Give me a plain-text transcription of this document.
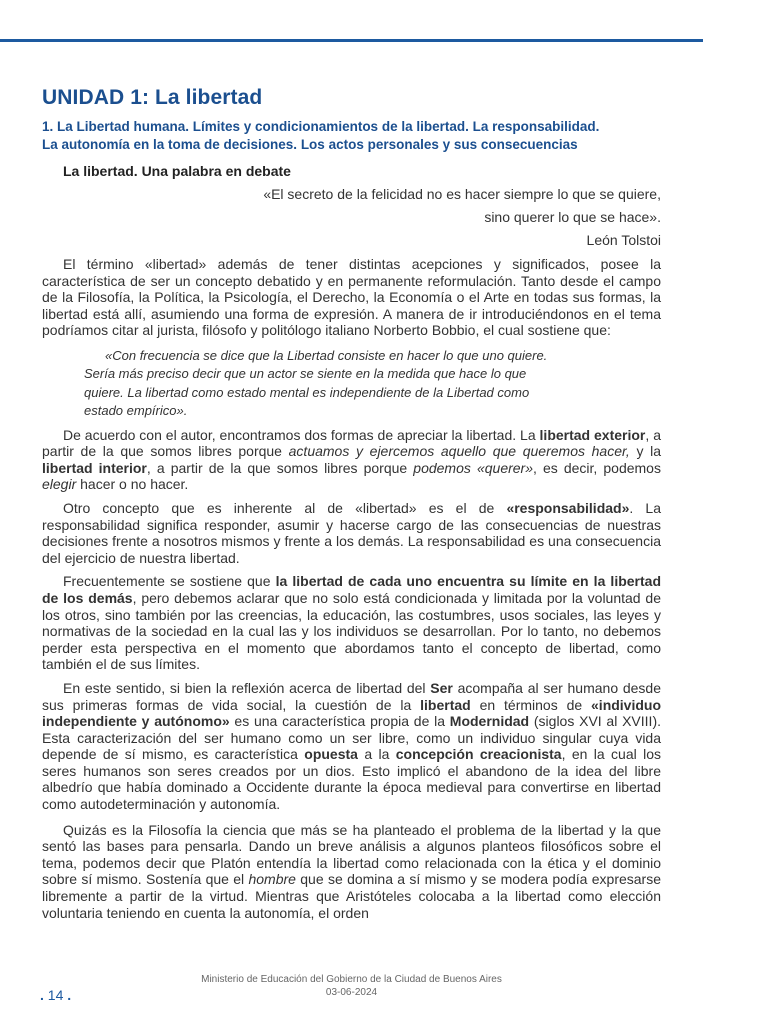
UNIDAD 1: La libertad
1. La Libertad humana. Límites y condicionamientos de la libertad. La responsabilidad.
La autonomía en la toma de decisiones. Los actos personales y sus consecuencias
La libertad. Una palabra en debate
«El secreto de la felicidad no es hacer siempre lo que se quiere,
sino querer lo que se hace».
León Tolstoi

El término «libertad» además de tener distintas acepciones y significados, posee la característica de ser un concepto debatido y en permanente reformulación. Tanto desde el campo de la Filosofía, la Política, la Psicología, el Derecho, la Economía o el Arte en todas sus formas, la libertad está allí, asumiendo una forma de expresión. A manera de ir introduciéndonos en el tema podríamos citar al jurista, filósofo y politólogo italiano Norberto Bobbio, el cual sostiene que:

«Con frecuencia se dice que la Libertad consiste en hacer lo que uno quiere.
Sería más preciso decir que un actor se siente en la medida que hace lo que
quiere. La libertad como estado mental es independiente de la Libertad como
estado empírico».

De acuerdo con el autor, encontramos dos formas de apreciar la libertad. La libertad exterior, a partir de la que somos libres porque actuamos y ejercemos aquello que queremos hacer, y la libertad interior, a partir de la que somos libres porque podemos «querer», es decir, podemos elegir hacer o no hacer.

Otro concepto que es inherente al de «libertad» es el de «responsabilidad». La responsabilidad significa responder, asumir y hacerse cargo de las consecuencias de nuestras decisiones frente a nosotros mismos y frente a los demás. La responsabilidad es una consecuencia del ejercicio de nuestra libertad.

Frecuentemente se sostiene que la libertad de cada uno encuentra su límite en la libertad de los demás, pero debemos aclarar que no solo está condicionada y limitada por la voluntad de los otros, sino también por las creencias, la educación, las costumbres, usos sociales, las leyes y normativas de la sociedad en la cual las y los individuos se desarrollan. Por lo tanto, no debemos perder esta perspectiva en el momento que abordamos tanto el concepto de libertad, como también el de sus límites.

En este sentido, si bien la reflexión acerca de libertad del Ser acompaña al ser humano desde sus primeras formas de vida social, la cuestión de la libertad en términos de «individuo independiente y autónomo» es una característica propia de la Modernidad (siglos XVI al XVIII). Esta caracterización del ser humano como un ser libre, como un individuo singular cuya vida depende de sí mismo, es característica opuesta a la concepción creacionista, en la cual los seres humanos son seres creados por un dios. Esto implicó el abandono de la idea del libre albedrío que había dominado a Occidente durante la época medieval para convertirse en libertad como autodeterminación y autonomía.

Quizás es la Filosofía la ciencia que más se ha planteado el problema de la libertad y la que sentó las bases para pensarla. Dando un breve análisis a algunos planteos filosóficos sobre el tema, podemos decir que Platón entendía la libertad como relacionada con la ética y el dominio sobre sí mismo. Sostenía que el hombre que se domina a sí mismo y se modera podía expresarse libremente a partir de la virtud. Mientras que Aristóteles colocaba a la libertad como elección voluntaria teniendo en cuenta la autonomía, el orden

Ministerio de Educación del Gobierno de la Ciudad de Buenos Aires
03-06-2024
. 14 .
